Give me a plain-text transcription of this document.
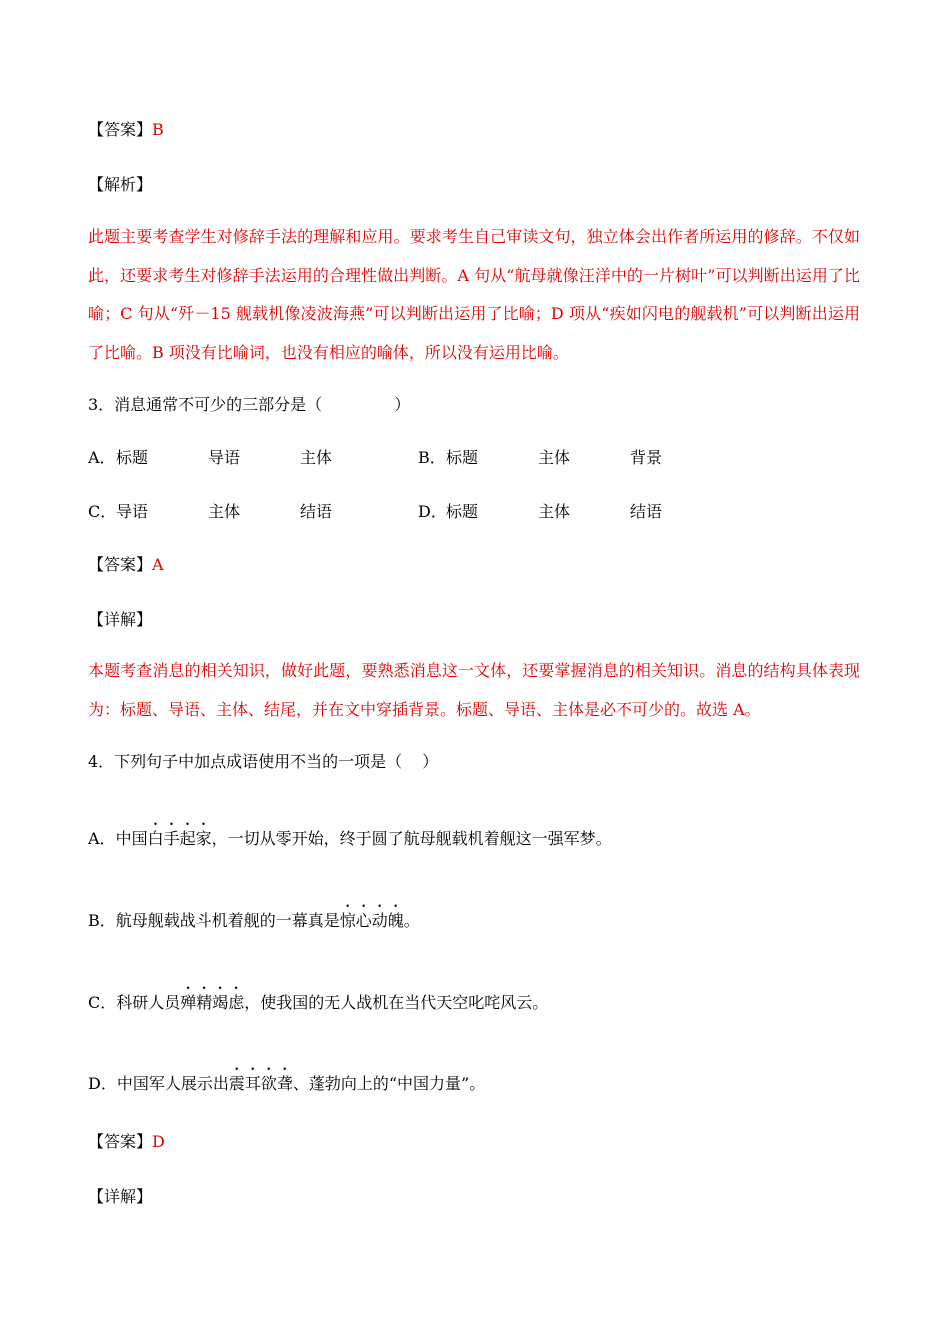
【答案】B
【解析】
此题主要考查学生对修辞手法的理解和应用。要求考生自己审读文句，独立体会出作者所运用的修辞。不仅如此，还要求考生对修辞手法运用的合理性做出判断。A 句从“航母就像汪洋中的一片树叶”可以判断出运用了比喻；C 句从“歼－15 舰载机像凌波海燕”可以判断出运用了比喻；D 项从“疾如闪电的舰载机”可以判断出运用了比喻。B 项没有比喻词，也没有相应的喻体，所以没有运用比喻。
3．消息通常不可少的三部分是（	）
A． 标题	导语	主体	B． 标题	主体	背景
C． 导语	主体	结语	D． 标题	主体	结语
【答案】A
【详解】
本题考查消息的相关知识，做好此题，要熟悉消息这一文体，还要掌握消息的相关知识。消息的结构具体表现为：标题、导语、主体、结尾，并在文中穿插背景。标题、导语、主体是必不可少的。故选 A。
4．下列句子中加点成语使用不当的一项是（ ）
A．中国白手起家，一切从零开始，终于圆了航母舰载机着舰这一强军梦。
B．航母舰载战斗机着舰的一幕真是惊心动魄。
C．科研人员殚精竭虑，使我国的无人战机在当代天空叱咤风云。
D．中国军人展示出震耳欲聋、蓬勃向上的“中国力量”。
【答案】D
【详解】
